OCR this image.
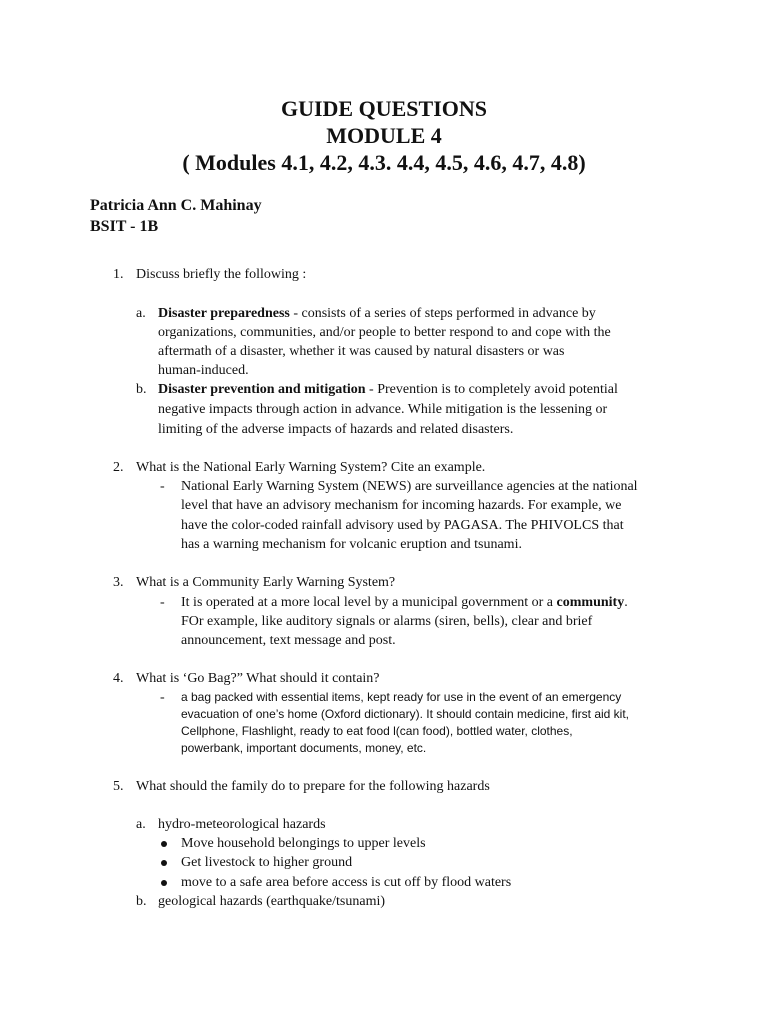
GUIDE QUESTIONS
MODULE 4
( Modules 4.1, 4.2, 4.3. 4.4, 4.5, 4.6, 4.7, 4.8)
Patricia Ann C. Mahinay
BSIT - 1B
1. Discuss briefly the following :
a. Disaster preparedness - consists of a series of steps performed in advance by
organizations, communities, and/or people to better respond to and cope with the
aftermath of a disaster, whether it was caused by natural disasters or was
human-induced.
b. Disaster prevention and mitigation - Prevention is to completely avoid potential
negative impacts through action in advance. While mitigation is the lessening or
limiting of the adverse impacts of hazards and related disasters.
2. What is the National Early Warning System? Cite an example.
- National Early Warning System (NEWS) are surveillance agencies at the national
level that have an advisory mechanism for incoming hazards. For example, we
have the color-coded rainfall advisory used by PAGASA. The PHIVOLCS that
has a warning mechanism for volcanic eruption and tsunami.
3. What is a Community Early Warning System?
- It is operated at a more local level by a municipal government or a community.
FOr example, like auditory signals or alarms (siren, bells), clear and brief
announcement, text message and post.
4. What is ‘Go Bag?” What should it contain?
- a bag packed with essential items, kept ready for use in the event of an emergency
evacuation of one’s home (Oxford dictionary). It should contain medicine, first aid kit,
Cellphone, Flashlight, ready to eat food l(can food), bottled water, clothes,
powerbank, important documents, money, etc.
5. What should the family do to prepare for the following hazards
a. hydro-meteorological hazards
Move household belongings to upper levels
Get livestock to higher ground
move to a safe area before access is cut off by flood waters
b. geological hazards (earthquake/tsunami)
